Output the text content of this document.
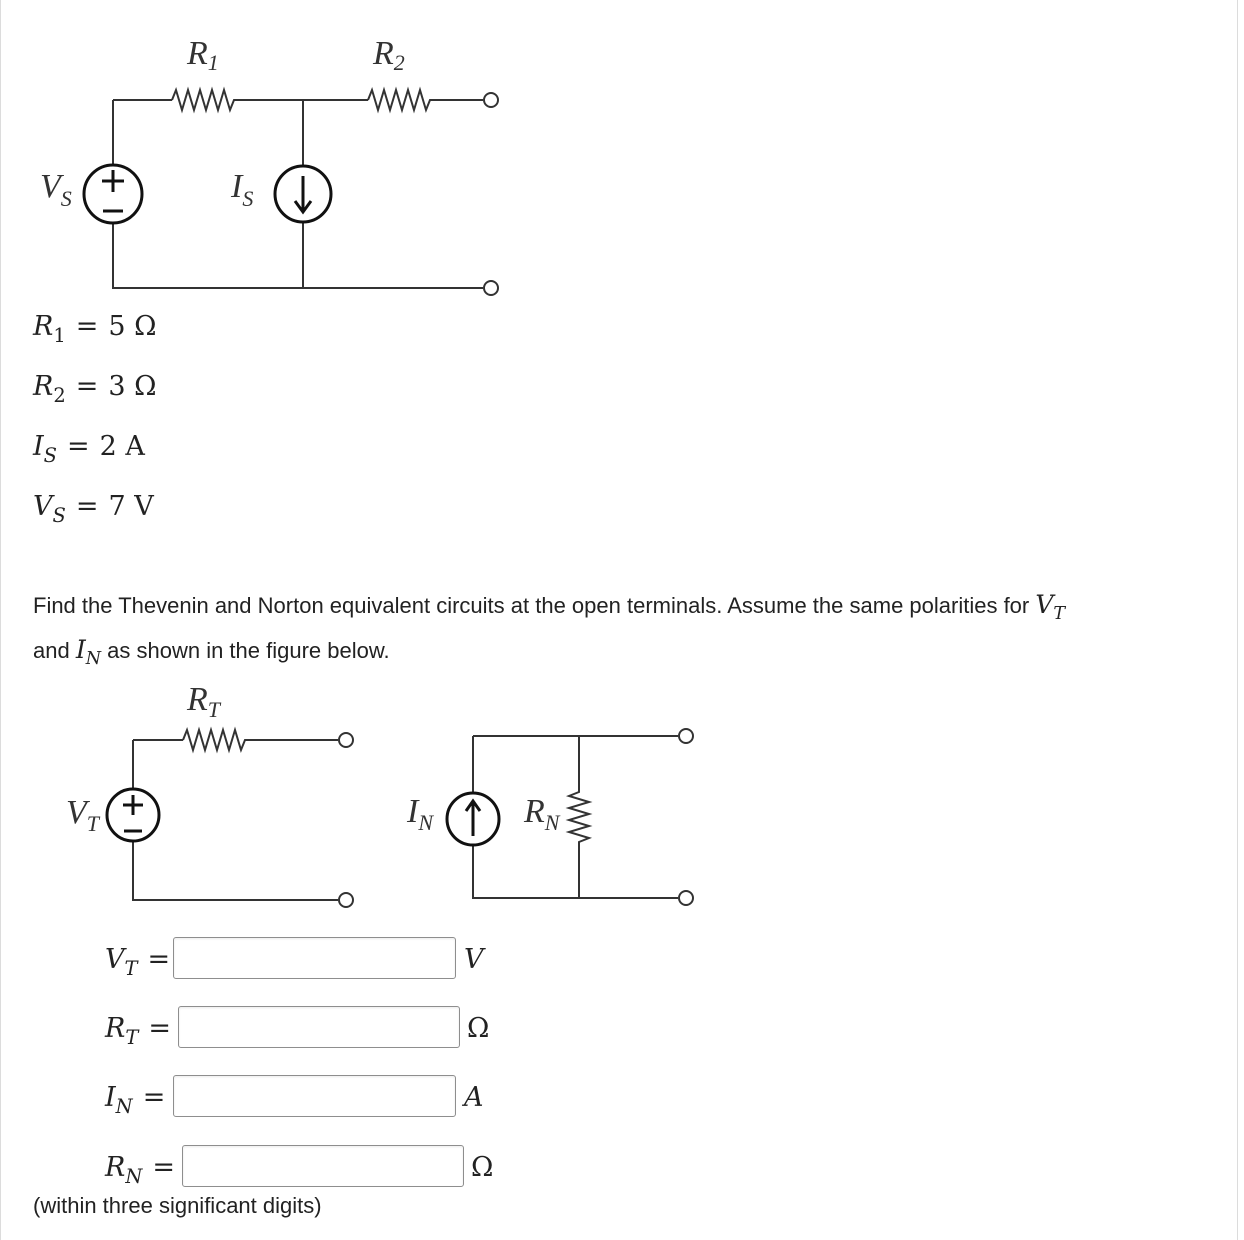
R1	R2
$V_S$	$I_S$
$R_1 = 5$ Ω
$R_2 = 3$ Ω
$I_S = 2$ A
$V_S = 7$ V
Find the Thevenin and Norton equivalent circuits at the open terminals. Assume the same polarities for $V_T$
and $I_N$ as shown in the figure below.
$R_T$
$V_T$	$I_N$	$R_N$
$V_T$ =	V
$R_T$ =	Ω
$I_N$ =	A
$R_N$ =	Ω
(within three significant digits)
